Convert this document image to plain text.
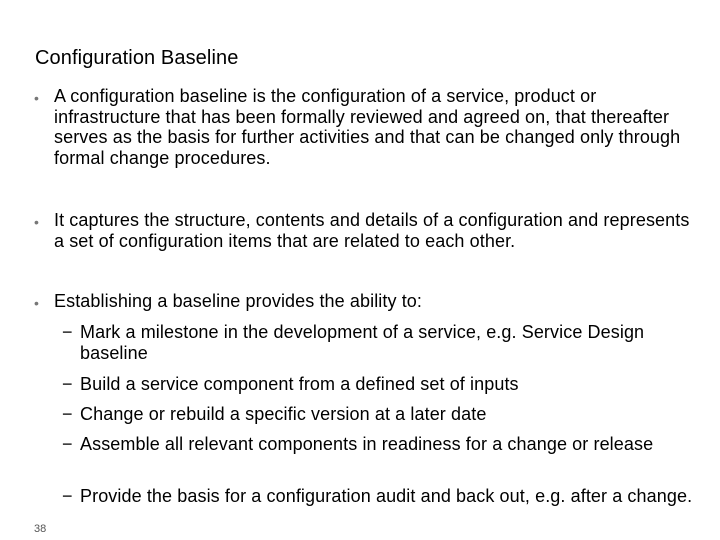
Configuration Baseline
• A configuration baseline is the configuration of a service, product or infrastructure that has been formally reviewed and agreed on, that thereafter serves as the basis for further activities and that can be changed only through formal change procedures.
• It captures the structure, contents and details of a configuration and represents a set of configuration items that are related to each other.
• Establishing a baseline provides the ability to:
− Mark a milestone in the development of a service, e.g. Service Design baseline
− Build a service component from a defined set of inputs
− Change or rebuild a specific version at a later date
− Assemble all relevant components in readiness for a change or release
− Provide the basis for a configuration audit and back out, e.g. after a change.
38
